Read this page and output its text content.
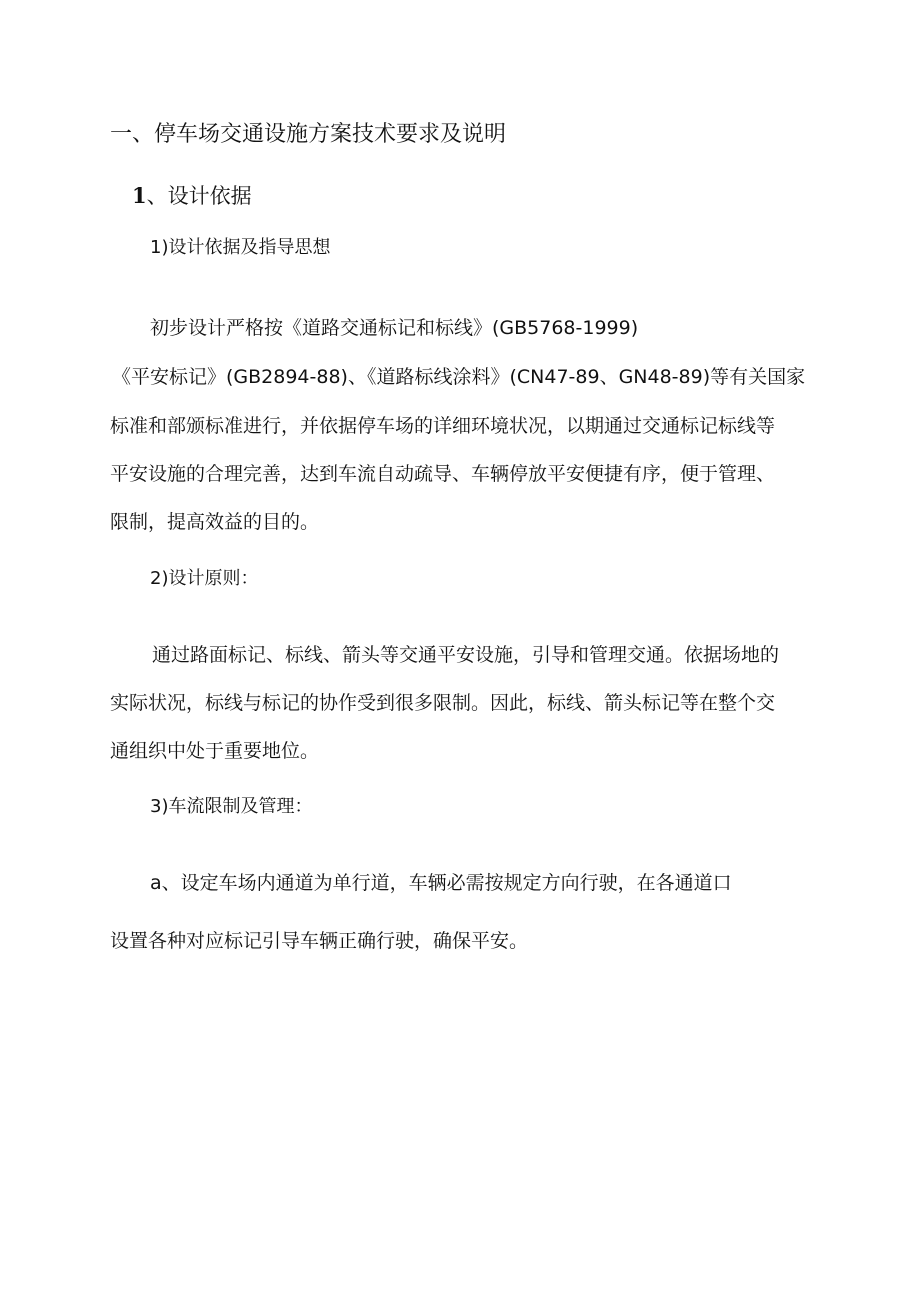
一、停车场交通设施方案技术要求及说明
1、设计依据
1)设计依据及指导思想
初步设计严格按《道路交通标记和标线》(GB5768-1999)
《平安标记》(GB2894-88)、《道路标线涂料》(CN47-89、GN48-89)等有关国家
标准和部颁标准进行，并依据停车场的详细环境状况，以期通过交通标记标线等
平安设施的合理完善，达到车流自动疏导、车辆停放平安便捷有序，便于管理、
限制，提高效益的目的。
2)设计原则：
通过路面标记、标线、箭头等交通平安设施，引导和管理交通。依据场地的
实际状况，标线与标记的协作受到很多限制。因此，标线、箭头标记等在整个交
通组织中处于重要地位。
3)车流限制及管理：
a、设定车场内通道为单行道，车辆必需按规定方向行驶，在各通道口
设置各种对应标记引导车辆正确行驶，确保平安。
